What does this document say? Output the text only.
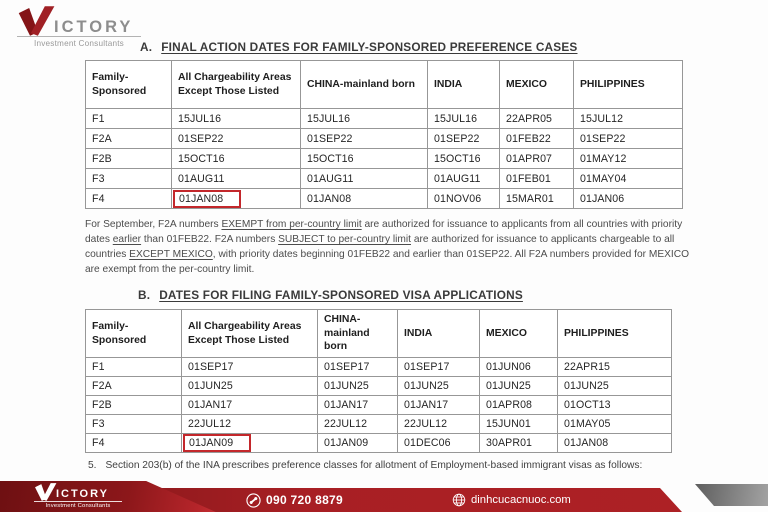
ICTORY
Investment Consultants	A. FINAL ACTION DATES FOR FAMILY-SPONSORED PREFERENCE CASES
Family-Sponsored	All Chargeability Areas Except Those Listed	CHINA-mainland born	INDIA	MEXICO	PHILIPPINES
F1	15JUL16	15JUL16	15JUL16	22APR05	15JUL12
F2A	01SEP22	01SEP22	01SEP22	01FEB22	01SEP22
F2B	15OCT16	15OCT16	15OCT16	01APR07	01MAY12
F3	01AUG11	01AUG11	01AUG11	01FEB01	01MAY04
F4	01JAN08	01JAN08	01NOV06	15MAR01	01JAN06
For September, F2A numbers EXEMPT from per-country limit are authorized for issuance to applicants from all countries with priority dates earlier than 01FEB22. F2A numbers SUBJECT to per-country limit are authorized for issuance to applicants chargeable to all countries EXCEPT MEXICO, with priority dates beginning 01FEB22 and earlier than 01SEP22. All F2A numbers provided for MEXICO are exempt from the per-country limit.
B. DATES FOR FILING FAMILY-SPONSORED VISA APPLICATIONS
Family-Sponsored	All Chargeability Areas Except Those Listed	CHINA-mainland born	INDIA	MEXICO	PHILIPPINES
F1	01SEP17	01SEP17	01SEP17	01JUN06	22APR15
F2A	01JUN25	01JUN25	01JUN25	01JUN25	01JUN25
F2B	01JAN17	01JAN17	01JAN17	01APR08	01OCT13
F3	22JUL12	22JUL12	22JUL12	15JUN01	01MAY05
F4	01JAN09	01JAN09	01DEC06	30APR01	01JAN08
5. Section 203(b) of the INA prescribes preference classes for allotment of Employment-based immigrant visas as follows:
ICTORY
Investment Consultants	090 720 8879	dinhcucacnuoc.com
